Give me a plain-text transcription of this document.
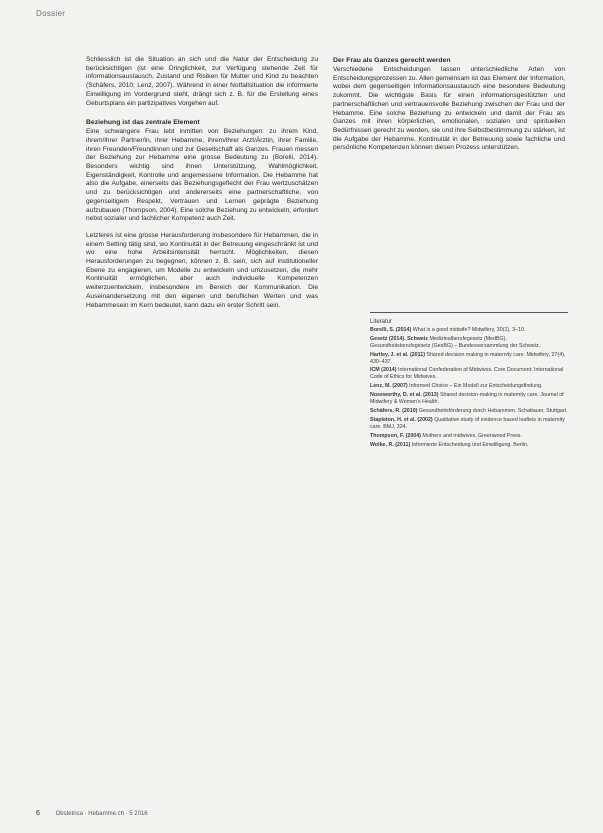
Dossier

Schliesslich ist die Situation an sich und die Natur der Entscheidung zu berücksichtigen (ist eine Dringlichkeit, zur Verfügung stehende Zeit für informationsaustausch, Zustand und Risiken für Mutter und Kind zu beachten (Schäfers, 2010; Lenz, 2007). Während in einer Notfallsituation die informierte Einwilligung im Vordergrund steht, drängt sich z. B. für die Erstellung eines Geburtsplans ein partizipatives Vorgehen auf.

Beziehung ist das zentrale Element

Eine schwangere Frau lebt inmitten von Beziehungen: zu ihrem Kind, ihrem/ihrer Partner/in, ihrer Hebamme, ihrem/ihrer Arzt/Ärztin, ihrer Familie, ihren Freunden/Freundinnen und zur Gesellschaft als Ganzes. Frauen messen der Beziehung zur Hebamme eine grosse Bedeutung zu (Borelli, 2014). Besonders wichtig sind ihnen Unterstützung, Wahlmöglichkeit, Eigenständigkeit, Kontrolle und angemessene Information. Die Hebamme hat also die Aufgabe, einerseits das Beziehungsgeflecht der Frau wertzuschätzen und zu berücksichtigen und andererseits eine partnerschaftliche, von gegenseitigem Respekt, Vertrauen und Lernen geprägte Beziehung aufzubauen (Thompson, 2004). Eine solche Beziehung zu entwickeln, erfordert nebst sozialer und fachlicher Kompetenz auch Zeit.

Letzteres ist eine grosse Herausforderung insbesondere für Hebammen, die in einem Setting tätig sind, wo Kontinuität in der Betreuung eingeschränkt ist und wo eine hohe Arbeitsintensität herrscht. Möglichkeiten, diesen Herausforderungen zu begegnen, können z. B. sein, sich auf institutioneller Ebene zu engagieren, um Modelle zu entwickeln und umzusetzen, die mehr Kontinuität ermöglichen, aber auch individuelle Kompetenzen weiterzuentwickeln, insbesondere im Bereich der Kommunikation. Die Auseinandersetzung mit den eigenen und beruflichen Werten und was Hebammesein im Kern bedeutet, kann dazu ein erster Schritt sein.

Der Frau als Ganzes gerecht werden

Verschiedene Entscheidungen lassen unterschiedliche Arten von Entscheidungsprozessen zu. Allen gemeinsam ist das Element der Information, wobei dem gegenseitigen Informationsaustausch eine besondere Bedeutung zukommt. Die wichtigste Basis für einen informationsgestützten und partnerschaftlichen und vertrauensvolle Beziehung zwischen der Frau und der Hebamme. Eine solche Beziehung zu entwickeln und damit der Frau als Ganzes mit ihren körperlichen, emotionalen, sozialen und spirituellen Bedürfnissen gerecht zu werden, sie und ihre Selbstbestimmung zu stärken, ist die Aufgabe der Hebamme. Kontinuität in der Betreuung sowie fachliche und persönliche Kompetenzen können diesen Prozess unterstützen.

Literatur
Borelli, S. (2014) What is a good midwife? Midwifery, 30(1), 3–10.
Gesetz (2014). Schweiz Medizinalberufegesetz (MedBG), Gesundheitsberufegesetz (GesBG) – Bundesversammlung der Schweiz.
Hartley, J. et al. (2011) Shared decision making in maternity care. Midwifery, 27(4), 430–437.
ICM (2014) International Confederation of Midwives. Core Document: International Code of Ethics for Midwives.
Lenz, M. (2007) Informed Choice – Ein Modell zur Entscheidungsfindung.
Noseworthy, D. et al. (2013) Shared decision-making in maternity care. Journal of Midwifery & Women's Health.
Schäfers, R. (2010) Gesundheitsförderung durch Hebammen. Schattauer, Stuttgart.
Stapleton, H. et al. (2002) Qualitative study of evidence based leaflets in maternity care. BMJ, 324.
Thompson, F. (2004) Mothers and midwives. Greenwood Press.
Wolke, R. (2011) Informierte Entscheidung und Einwilligung. Berlin.
6	Obstetrica · Hebamme.ch · 5 2016
